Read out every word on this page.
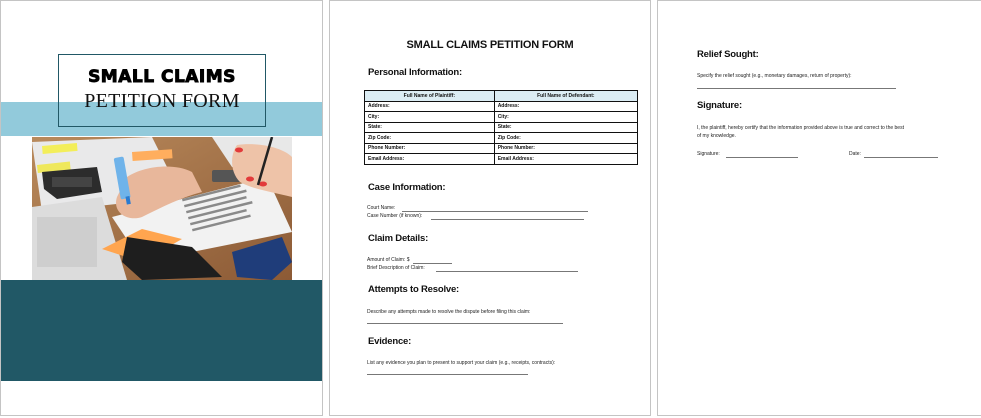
SMALL CLAIMS
PETITION FORM
SMALL CLAIMS PETITION FORM
Personal Information:
Full Name of Plaintiff:	Full Name of Defendant:
Address:	Address:
City:	City:
State:	State:
Zip Code:	Zip Code:
Phone Number:	Phone Number:
Email Address:	Email Address:
Case Information:
Court Name:
Case Number (if known):
Claim Details:
Amount of Claim: $
Brief Description of Claim:
Attempts to Resolve:
Describe any attempts made to resolve the dispute before filing this claim:
Evidence:
List any evidence you plan to present to support your claim (e.g., receipts, contracts):
Relief Sought:
Specify the relief sought (e.g., monetary damages, return of property):
Signature:
I, the plaintiff, hereby certify that the information provided above is true and correct to the best
of my knowledge.
Signature:	Date:
